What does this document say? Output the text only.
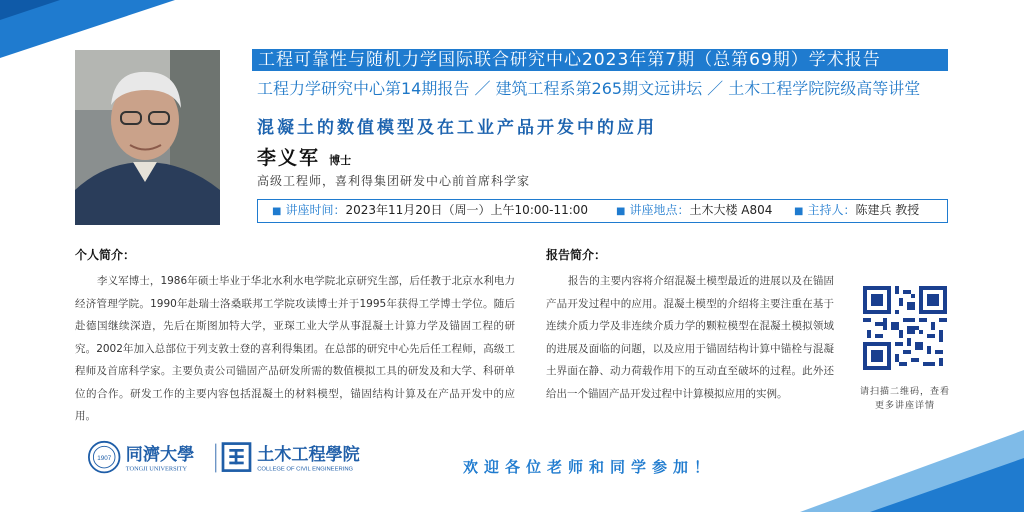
工程可靠性与随机力学国际联合研究中心2023年第7期（总第69期）学术报告
工程力学研究中心第14期报告 ／ 建筑工程系第265期文远讲坛 ／ 土木工程学院院级高等讲堂
混凝土的数值模型及在工业产品开发中的应用
李义军 博士
高级工程师，喜利得集团研发中心前首席科学家
■ 讲座时间：2023年11月20日（周一）上午10:00-11:00	■ 讲座地点：土木大楼 A804 ■ 主持人：陈建兵 教授
个人简介：
李义军博士，1986年硕士毕业于华北水利水电学院北京研究生部，后任教于北京水利电力经济管理学院。1990年赴瑞士洛桑联邦工学院攻读博士并于1995年获得工学博士学位。随后赴德国继续深造，先后在斯图加特大学，亚琛工业大学从事混凝土计算力学及锚固工程的研究。2002年加入总部位于列支敦士登的喜利得集团。在总部的研究中心先后任工程师，高级工程师及首席科学家。主要负责公司锚固产品研发所需的数值模拟工具的研发及和大学、科研单位的合作。研发工作的主要内容包括混凝土的材料模型，锚固结构计算及在产品开发中的应用。
报告简介：
报告的主要内容将介绍混凝土模型最近的进展以及在锚固产品开发过程中的应用。混凝土模型的介绍将主要注重在基于连续介质力学及非连续介质力学的颗粒模型在混凝土模拟领域的进展及面临的问题，以及应用于锚固结构计算中锚栓与混凝土界面在静、动力荷载作用下的互动直至破坏的过程。此外还给出一个锚固产品开发过程中计算模拟应用的实例。	请扫描二维码，查看更多讲座详情
1907 同濟大學
TONGJI UNIVERSITY
土木工程學院
COLLEGE OF CIVIL ENGINEERING	欢迎各位老师和同学参加！
